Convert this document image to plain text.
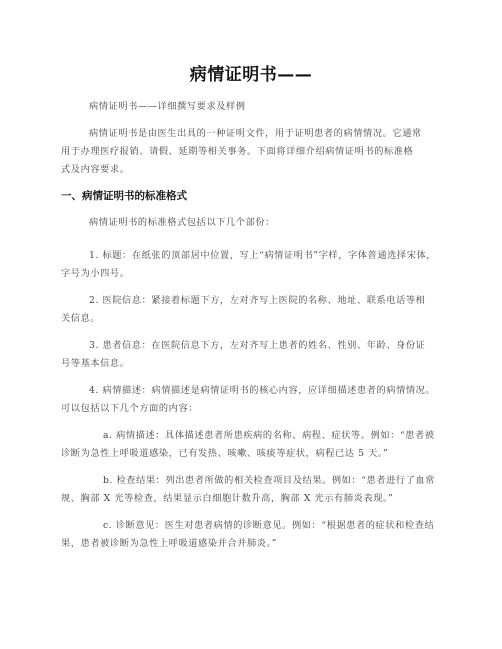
病情证明书——
病情证明书——详细撰写要求及样例
病情证明书是由医生出具的一种证明文件，用于证明患者的病情情况。它通常
用于办理医疗报销、请假、延期等相关事务。下面将详细介绍病情证明书的标准格
式及内容要求。
一、病情证明书的标准格式
病情证明书的标准格式包括以下几个部份：
1. 标题：在纸张的顶部居中位置，写上“病情证明书”字样，字体普通选择宋体，
字号为小四号。
2. 医院信息：紧接着标题下方，左对齐写上医院的名称、地址、联系电话等相
关信息。
3. 患者信息：在医院信息下方，左对齐写上患者的姓名、性别、年龄、身份证
号等基本信息。
4. 病情描述：病情描述是病情证明书的核心内容，应详细描述患者的病情情况。
可以包括以下几个方面的内容：
a. 病情描述：具体描述患者所患疾病的名称、病程、症状等。例如：“患者被
诊断为急性上呼吸道感染，已有发热、咳嗽、咳痰等症状，病程已达 5 天。”
b. 检查结果：列出患者所做的相关检查项目及结果。例如：“患者进行了血常
规、胸部 X 光等检查，结果显示白细胞计数升高，胸部 X 光示有肺炎表现。”
c. 诊断意见：医生对患者病情的诊断意见。例如：“根据患者的症状和检查结
果，患者被诊断为急性上呼吸道感染并合并肺炎。”
